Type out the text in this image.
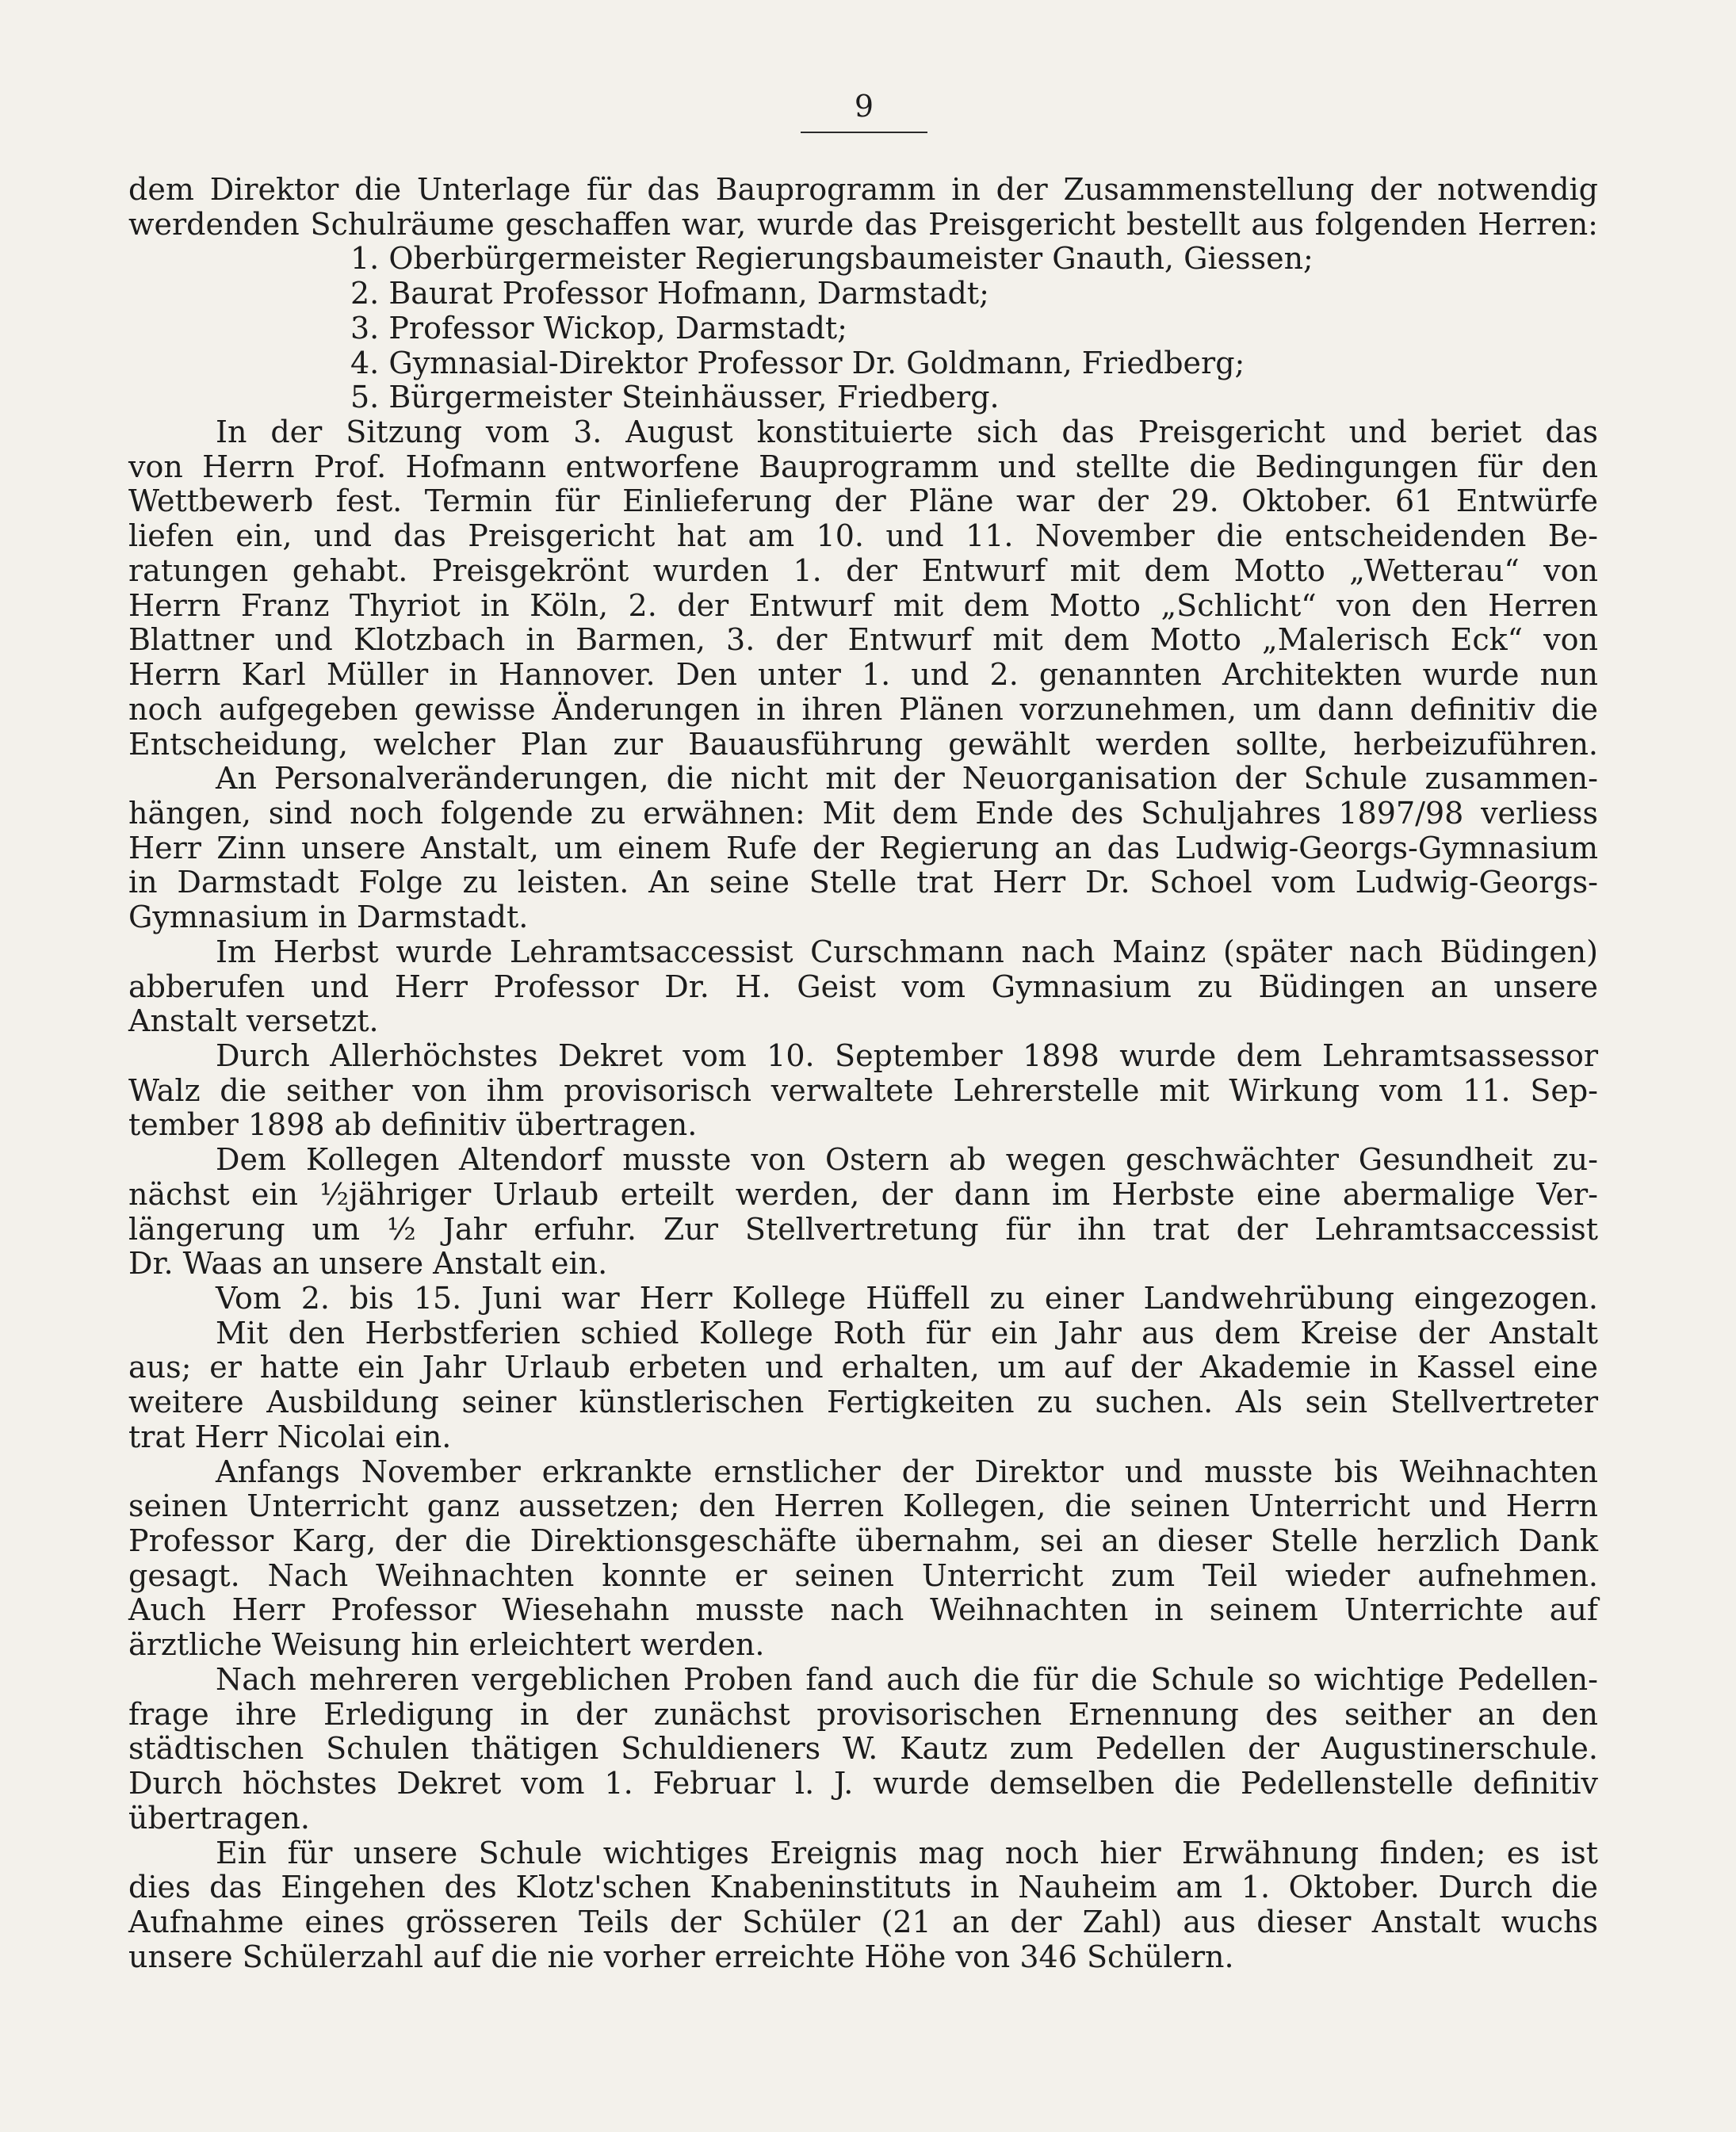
9
dem Direktor die Unterlage für das Bauprogramm in der Zusammenstellung der notwendig
werdenden Schulräume geschaffen war, wurde das Preisgericht bestellt aus folgenden Herren:
1. Oberbürgermeister Regierungsbaumeister Gnauth, Giessen;
2. Baurat Professor Hofmann, Darmstadt;
3. Professor Wickop, Darmstadt;
4. Gymnasial-Direktor Professor Dr. Goldmann, Friedberg;
5. Bürgermeister Steinhäusser, Friedberg.
In der Sitzung vom 3. August konstituierte sich das Preisgericht und beriet das
von Herrn Prof. Hofmann entworfene Bauprogramm und stellte die Bedingungen für den
Wettbewerb fest. Termin für Einlieferung der Pläne war der 29. Oktober. 61 Entwürfe
liefen ein, und das Preisgericht hat am 10. und 11. November die entscheidenden Be-
ratungen gehabt. Preisgekrönt wurden 1. der Entwurf mit dem Motto „Wetterau“ von
Herrn Franz Thyriot in Köln, 2. der Entwurf mit dem Motto „Schlicht“ von den Herren
Blattner und Klotzbach in Barmen, 3. der Entwurf mit dem Motto „Malerisch Eck“ von
Herrn Karl Müller in Hannover. Den unter 1. und 2. genannten Architekten wurde nun
noch aufgegeben gewisse Änderungen in ihren Plänen vorzunehmen, um dann definitiv die
Entscheidung, welcher Plan zur Bauausführung gewählt werden sollte, herbeizuführen.
An Personalveränderungen, die nicht mit der Neuorganisation der Schule zusammen-
hängen, sind noch folgende zu erwähnen: Mit dem Ende des Schuljahres 1897/98 verliess
Herr Zinn unsere Anstalt, um einem Rufe der Regierung an das Ludwig-Georgs-Gymnasium
in Darmstadt Folge zu leisten. An seine Stelle trat Herr Dr. Schoel vom Ludwig-Georgs-
Gymnasium in Darmstadt.
Im Herbst wurde Lehramtsaccessist Curschmann nach Mainz (später nach Büdingen)
abberufen und Herr Professor Dr. H. Geist vom Gymnasium zu Büdingen an unsere
Anstalt versetzt.
Durch Allerhöchstes Dekret vom 10. September 1898 wurde dem Lehramtsassessor
Walz die seither von ihm provisorisch verwaltete Lehrerstelle mit Wirkung vom 11. Sep-
tember 1898 ab definitiv übertragen.
Dem Kollegen Altendorf musste von Ostern ab wegen geschwächter Gesundheit zu-
nächst ein ½jähriger Urlaub erteilt werden, der dann im Herbste eine abermalige Ver-
längerung um ½ Jahr erfuhr. Zur Stellvertretung für ihn trat der Lehramtsaccessist
Dr. Waas an unsere Anstalt ein.
Vom 2. bis 15. Juni war Herr Kollege Hüffell zu einer Landwehrübung eingezogen.
Mit den Herbstferien schied Kollege Roth für ein Jahr aus dem Kreise der Anstalt
aus; er hatte ein Jahr Urlaub erbeten und erhalten, um auf der Akademie in Kassel eine
weitere Ausbildung seiner künstlerischen Fertigkeiten zu suchen. Als sein Stellvertreter
trat Herr Nicolai ein.
Anfangs November erkrankte ernstlicher der Direktor und musste bis Weihnachten
seinen Unterricht ganz aussetzen; den Herren Kollegen, die seinen Unterricht und Herrn
Professor Karg, der die Direktionsgeschäfte übernahm, sei an dieser Stelle herzlich Dank
gesagt. Nach Weihnachten konnte er seinen Unterricht zum Teil wieder aufnehmen.
Auch Herr Professor Wiesehahn musste nach Weihnachten in seinem Unterrichte auf
ärztliche Weisung hin erleichtert werden.
Nach mehreren vergeblichen Proben fand auch die für die Schule so wichtige Pedellen-
frage ihre Erledigung in der zunächst provisorischen Ernennung des seither an den
städtischen Schulen thätigen Schuldieners W. Kautz zum Pedellen der Augustinerschule.
Durch höchstes Dekret vom 1. Februar l. J. wurde demselben die Pedellenstelle definitiv
übertragen.
Ein für unsere Schule wichtiges Ereignis mag noch hier Erwähnung finden; es ist
dies das Eingehen des Klotz'schen Knabeninstituts in Nauheim am 1. Oktober. Durch die
Aufnahme eines grösseren Teils der Schüler (21 an der Zahl) aus dieser Anstalt wuchs
unsere Schülerzahl auf die nie vorher erreichte Höhe von 346 Schülern.
